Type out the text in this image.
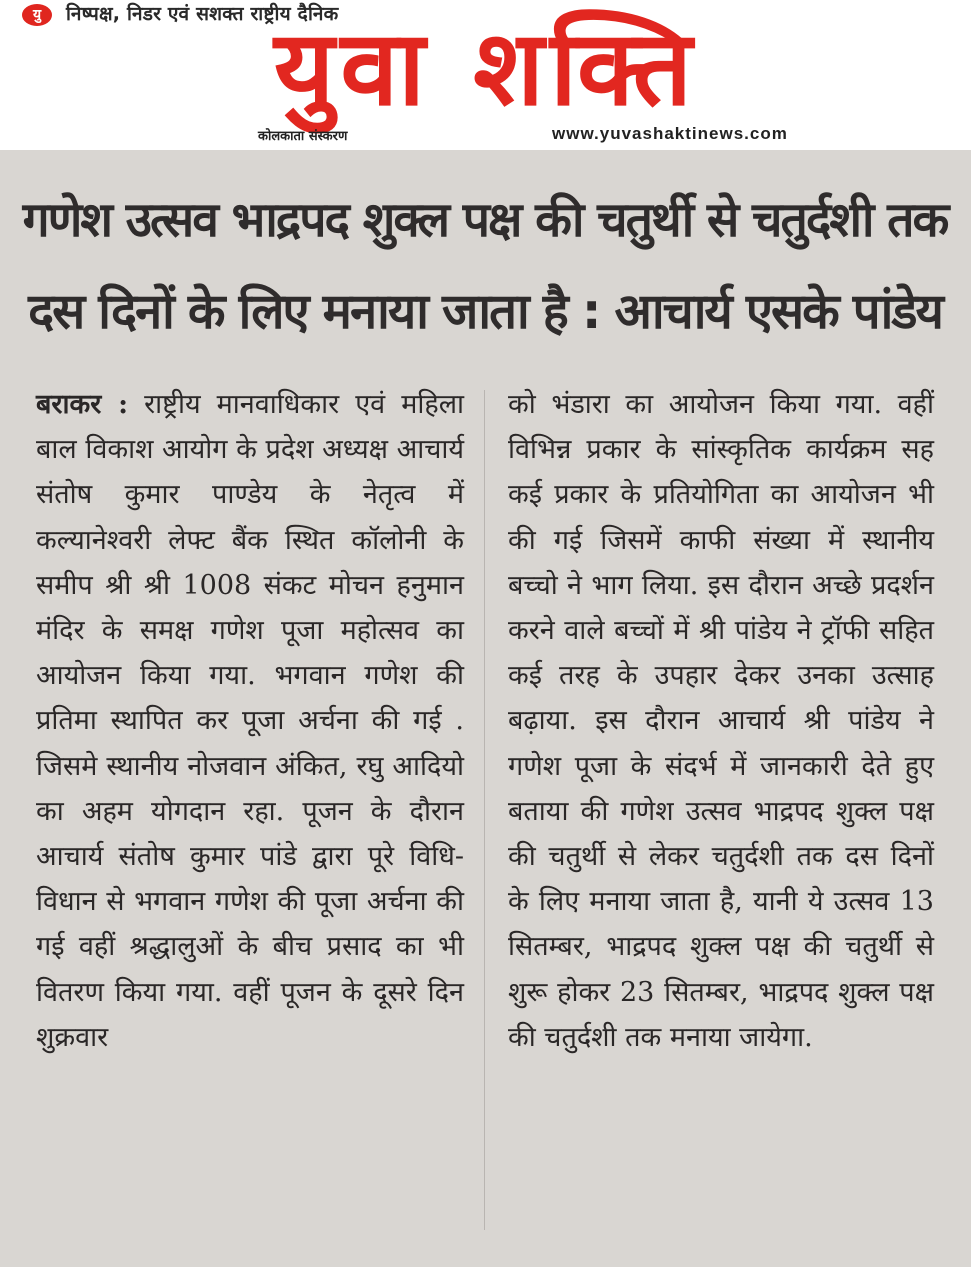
यु	निष्पक्ष, निडर एवं सशक्त राष्ट्रीय दैनिक
युवा शक्ति
कोलकाता संस्करण	www.yuvashaktinews.com
गणेश उत्सव भाद्रपद शुक्ल पक्ष की चतुर्थी से चतुर्दशी तक
दस दिनों के लिए मनाया जाता है : आचार्य एसके पांडेय
बराकर : राष्ट्रीय मानवाधिकार एवं महिला बाल विकाश आयोग के प्रदेश अध्यक्ष आचार्य संतोष कुमार पाण्डेय के नेतृत्व में कल्यानेश्वरी लेफ्ट बैंक स्थित कॉलोनी के समीप श्री श्री 1008 संकट मोचन हनुमान मंदिर के समक्ष गणेश पूजा महोत्सव का आयोजन किया गया. भगवान गणेश की प्रतिमा स्थापित कर पूजा अर्चना की गई . जिसमे स्थानीय नोजवान अंकित, रघु आदियो का अहम योगदान रहा. पूजन के दौरान आचार्य संतोष कुमार पांडे द्वारा पूरे विधि-विधान से भगवान गणेश की पूजा अर्चना की गई वहीं श्रद्धालुओं के बीच प्रसाद का भी वितरण किया गया. वहीं पूजन के दूसरे दिन शुक्रवार
को भंडारा का आयोजन किया गया. वहीं विभिन्न प्रकार के सांस्कृतिक कार्यक्रम सह कई प्रकार के प्रतियोगिता का आयोजन भी की गई जिसमें काफी संख्या में स्थानीय बच्चो ने भाग लिया. इस दौरान अच्छे प्रदर्शन करने वाले बच्चों में श्री पांडेय ने ट्रॉफी सहित कई तरह के उपहार देकर उनका उत्साह बढ़ाया. इस दौरान आचार्य श्री पांडेय ने गणेश पूजा के संदर्भ में जानकारी देते हुए बताया की गणेश उत्सव भाद्रपद शुक्ल पक्ष की चतुर्थी से लेकर चतुर्दशी तक दस दिनों के लिए मनाया जाता है, यानी ये उत्सव 13 सितम्बर, भाद्रपद शुक्ल पक्ष की चतुर्थी से शुरू होकर 23 सितम्बर, भाद्रपद शुक्ल पक्ष की चतुर्दशी तक मनाया जायेगा.
